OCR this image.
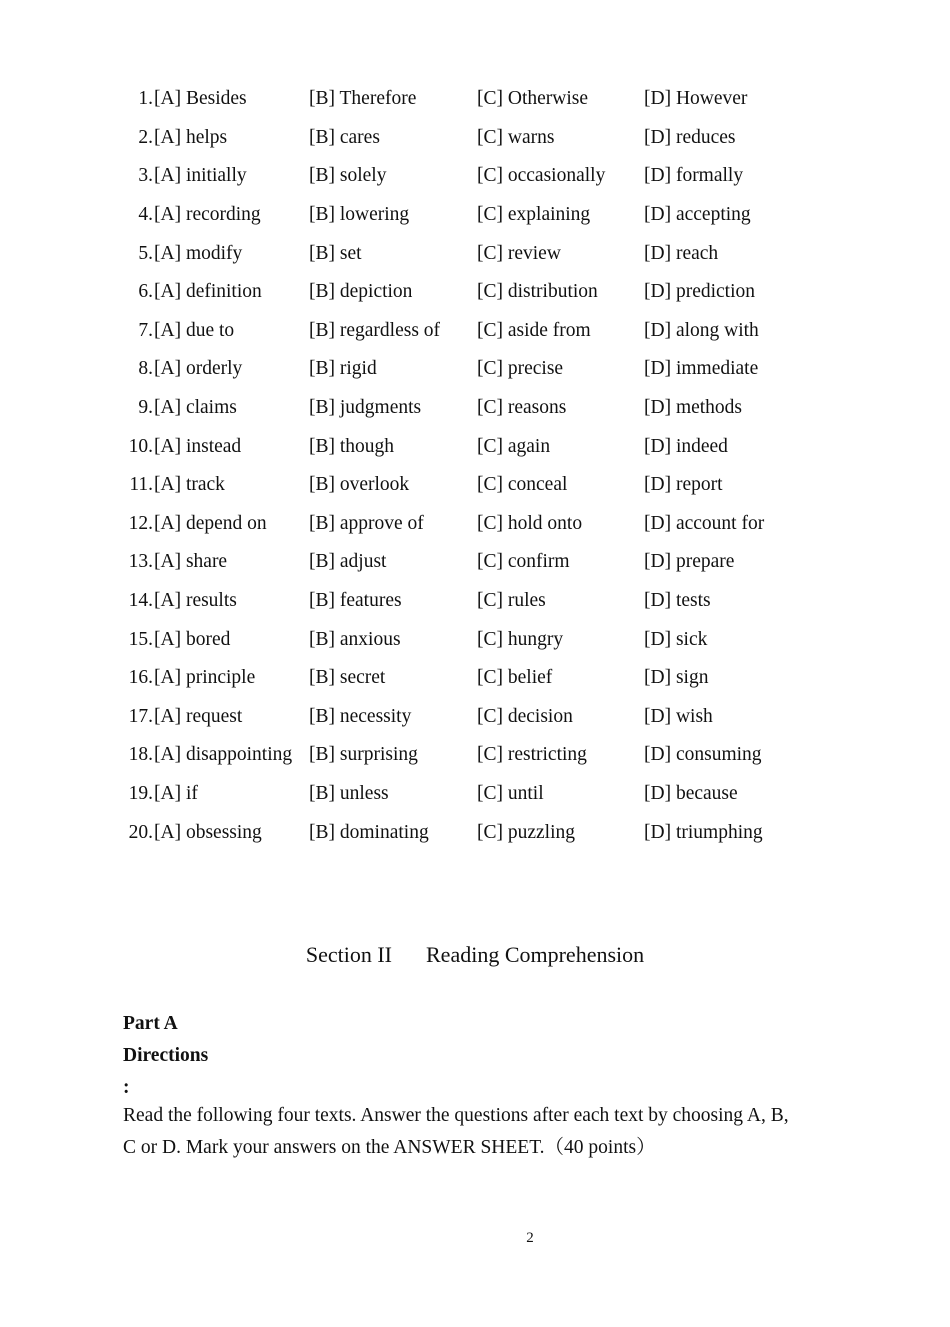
1. [A] Besides	[B] Therefore	[C] Otherwise	[D] However
2. [A] helps	[B] cares	[C] warns	[D] reduces
3. [A] initially	[B] solely	[C] occasionally	[D] formally
4. [A] recording	[B] lowering	[C] explaining	[D] accepting
5. [A] modify	[B] set	[C] review	[D] reach
6. [A] definition	[B] depiction	[C] distribution	[D] prediction
7. [A] due to	[B] regardless of	[C] aside from	[D] along with
8. [A] orderly	[B] rigid	[C] precise	[D] immediate
9. [A] claims	[B] judgments	[C] reasons	[D] methods
10. [A] instead	[B] though	[C] again	[D] indeed
11. [A] track	[B] overlook	[C] conceal	[D] report
12. [A] depend on	[B] approve of	[C] hold onto	[D] account for
13. [A] share	[B] adjust	[C] confirm	[D] prepare
14. [A] results	[B] features	[C] rules	[D] tests
15. [A] bored	[B] anxious	[C] hungry	[D] sick
16. [A] principle	[B] secret	[C] belief	[D] sign
17. [A] request	[B] necessity	[C] decision	[D] wish
18. [A] disappointing [B] surprising	[C] restricting	[D] consuming
19. [A] if	[B] unless	[C] until	[D] because
20. [A] obsessing	[B] dominating	[C] puzzling	[D] triumphing
Section II Reading Comprehension
Part A
Directions
:
Read the following four texts. Answer the questions after each text by choosing A, B,
C or D. Mark your answers on the ANSWER SHEET.（40 points）
2
